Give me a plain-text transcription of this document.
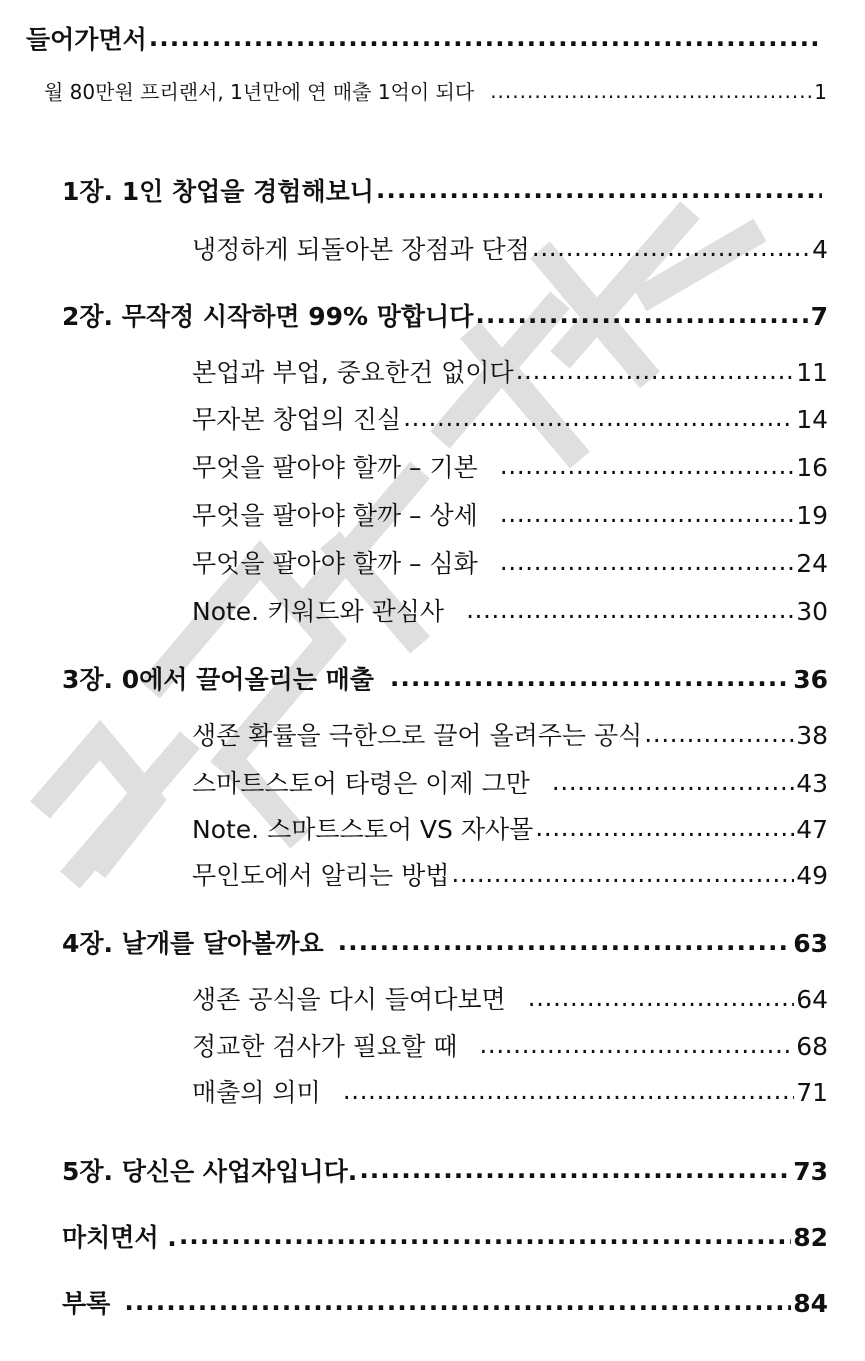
들어가면서
.....
월 80만원 프리랜서, 1년만에 연 매출 1억이 되다 .....	1
1장. 1인 창업을 경험해보니
.....
냉정하게 되돌아본 장점과 단점 .....	4
2장. 무작정 시작하면 99% 망합니다 .....	7
본업과 부업, 중요한건 없이다 .....	11
무자본 창업의 진실 .....	14
무엇을 팔아야 할까 – 기본 .....	16
무엇을 팔아야 할까 – 상세 .....	19
무엇을 팔아야 할까 – 심화 .....	24
Note. 키워드와 관심사 .....	30
3장. 0에서 끌어올리는 매출 .....	36
생존 확률을 극한으로 끌어 올려주는 공식 .....	38
스마트스토어 타령은 이제 그만 .....	43
Note. 스마트스토어 VS 자사몰 .....	47
무인도에서 알리는 방법 .....	49
4장. 날개를 달아볼까요 .....	63
생존 공식을 다시 들여다보면 .....	64
정교한 검사가 필요할 때 .....	68
매출의 의미 .....	71
5장. 당신은 사업자입니다. .....	73
마치면서 . .....	82
부록 .....	84
